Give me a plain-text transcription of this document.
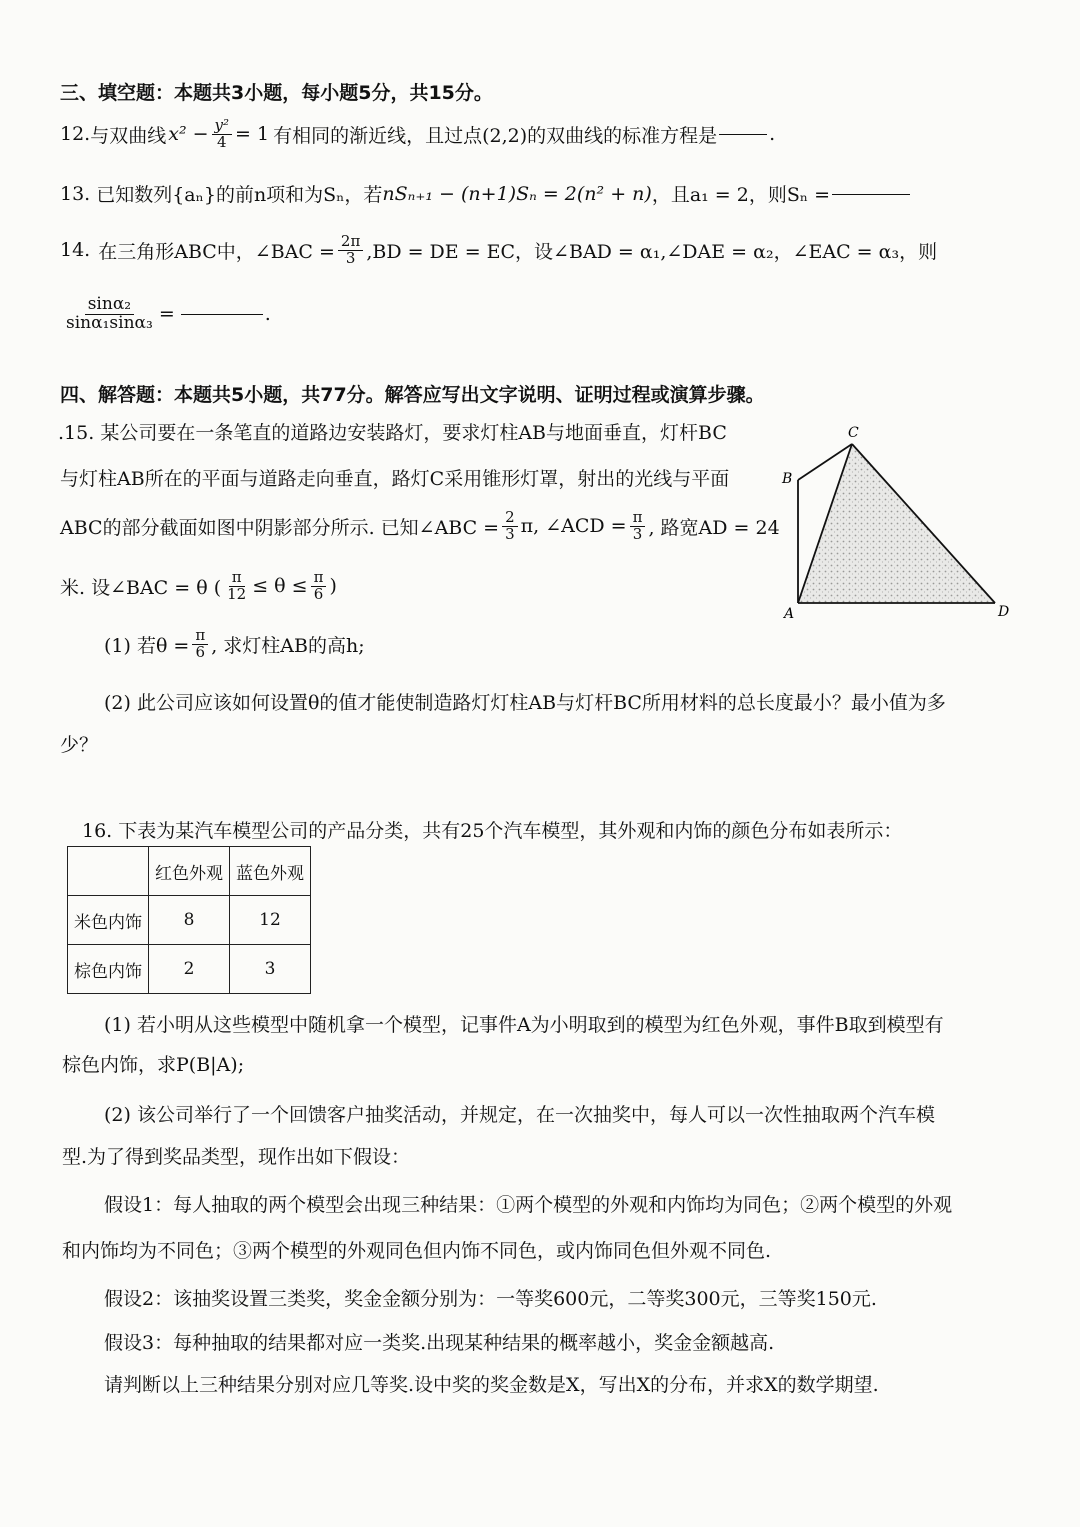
三、填空题：本题共3小题，每小题5分，共15分。
12. 与双曲线 $x^2 - \frac{\text{y²}}{4} = 1$ 有相同的渐近线，且过点(2,2)的双曲线的标准方程是	.
13. 已知数列{aₙ}的前n项和为Sₙ，若 nSₙ₊₁ − (n+1)Sₙ = 2(n² + n) ，且a₁ = 2，则Sₙ =
14. 在三角形ABC中，∠BAC = $\frac{2\pi}{3} ,BD$ = DE = EC，设∠BAD = α₁,∠DAE = α₂，∠EAC = α₃，则
$\frac{\text{sinα₂}}{\text{sinα₁sinα₃}}$ =	.
四、解答题：本题共5小题，共77分。解答应写出文字说明、证明过程或演算步骤。
.15. 某公司要在一条笔直的道路边安装路灯，要求灯柱AB与地面垂直，灯杆BC
与灯柱AB所在的平面与道路走向垂直，路灯C采用锥形灯罩，射出的光线与平面
ABC的部分截面如图中阴影部分所示. 已知∠ABC = $\frac{2}{3} \pi$, ∠ACD = $\frac{\pi}{3}$ , 路宽AD = 24
米. 设∠BAC = θ ( $\frac{\pi}{12} \le \theta \le \frac{\pi}{6}$ )
(1) 若$\theta = \frac{\pi}{6}$ , 求灯柱AB的高h;
(2) 此公司应该如何设置θ的值才能使制造路灯灯柱AB与灯杆BC所用材料的总长度最小？最小值为多
少？
A
B
C
D
16. 下表为某汽车模型公司的产品分类，共有25个汽车模型，其外观和内饰的颜色分布如表所示：
	红色外观	蓝色外观
米色内饰	8	12
棕色内饰	2	3
(1) 若小明从这些模型中随机拿一个模型，记事件A为小明取到的模型为红色外观，事件B取到模型有
棕色内饰，求P(B|A);
(2) 该公司举行了一个回馈客户抽奖活动，并规定，在一次抽奖中，每人可以一次性抽取两个汽车模
型.为了得到奖品类型，现作出如下假设：
假设1：每人抽取的两个模型会出现三种结果：①两个模型的外观和内饰均为同色；②两个模型的外观
和内饰均为不同色；③两个模型的外观同色但内饰不同色，或内饰同色但外观不同色.
假设2：该抽奖设置三类奖，奖金金额分别为：一等奖600元，二等奖300元，三等奖150元.
假设3：每种抽取的结果都对应一类奖.出现某种结果的概率越小，奖金金额越高.
请判断以上三种结果分别对应几等奖.设中奖的奖金数是X，写出X的分布，并求X的数学期望.
